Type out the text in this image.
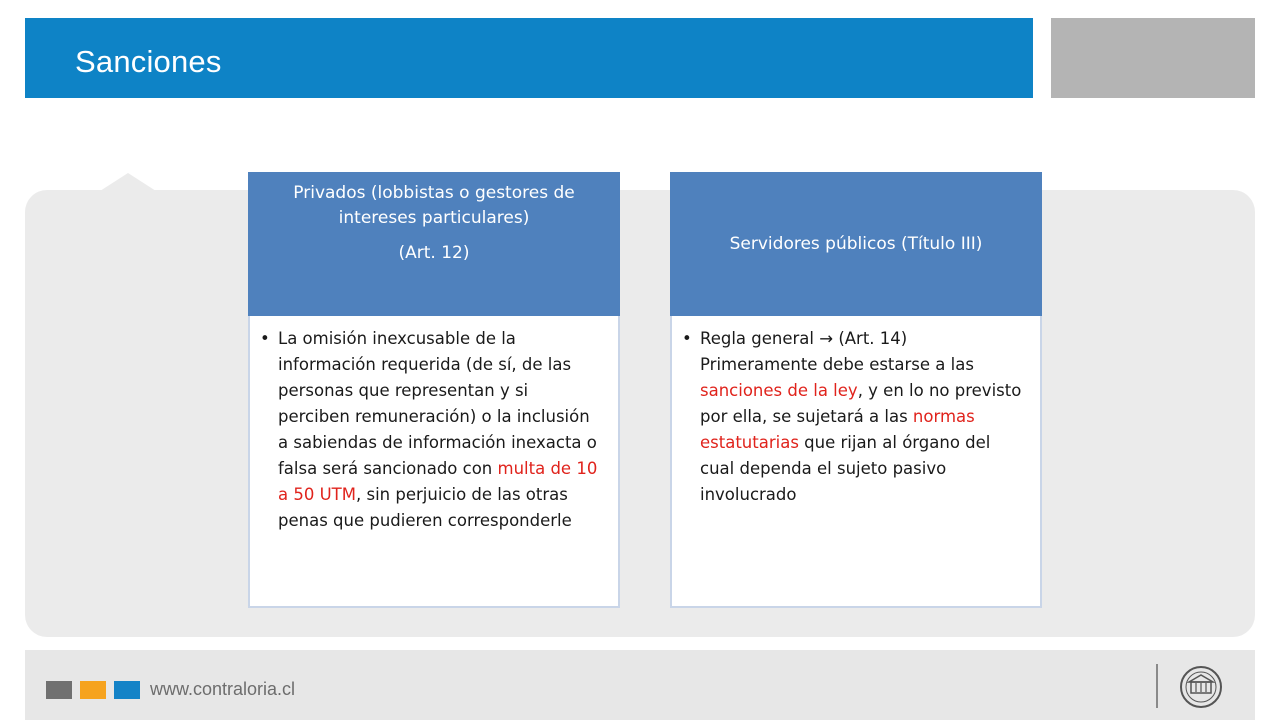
Sanciones
Privados (lobbistas o gestores de intereses particulares)
(Art. 12)
• La omisión inexcusable de la información requerida (de sí, de las personas que representan y si perciben remuneración) o la inclusión a sabiendas de información inexacta o falsa será sancionado con multa de 10 a 50 UTM, sin perjuicio de las otras penas que pudieren corresponderle
Servidores públicos (Título III)
• Regla general → (Art. 14) Primeramente debe estarse a las sanciones de la ley, y en lo no previsto por ella, se sujetará a las normas estatutarias que rijan al órgano del cual dependa el sujeto pasivo involucrado
www.contraloria.cl
